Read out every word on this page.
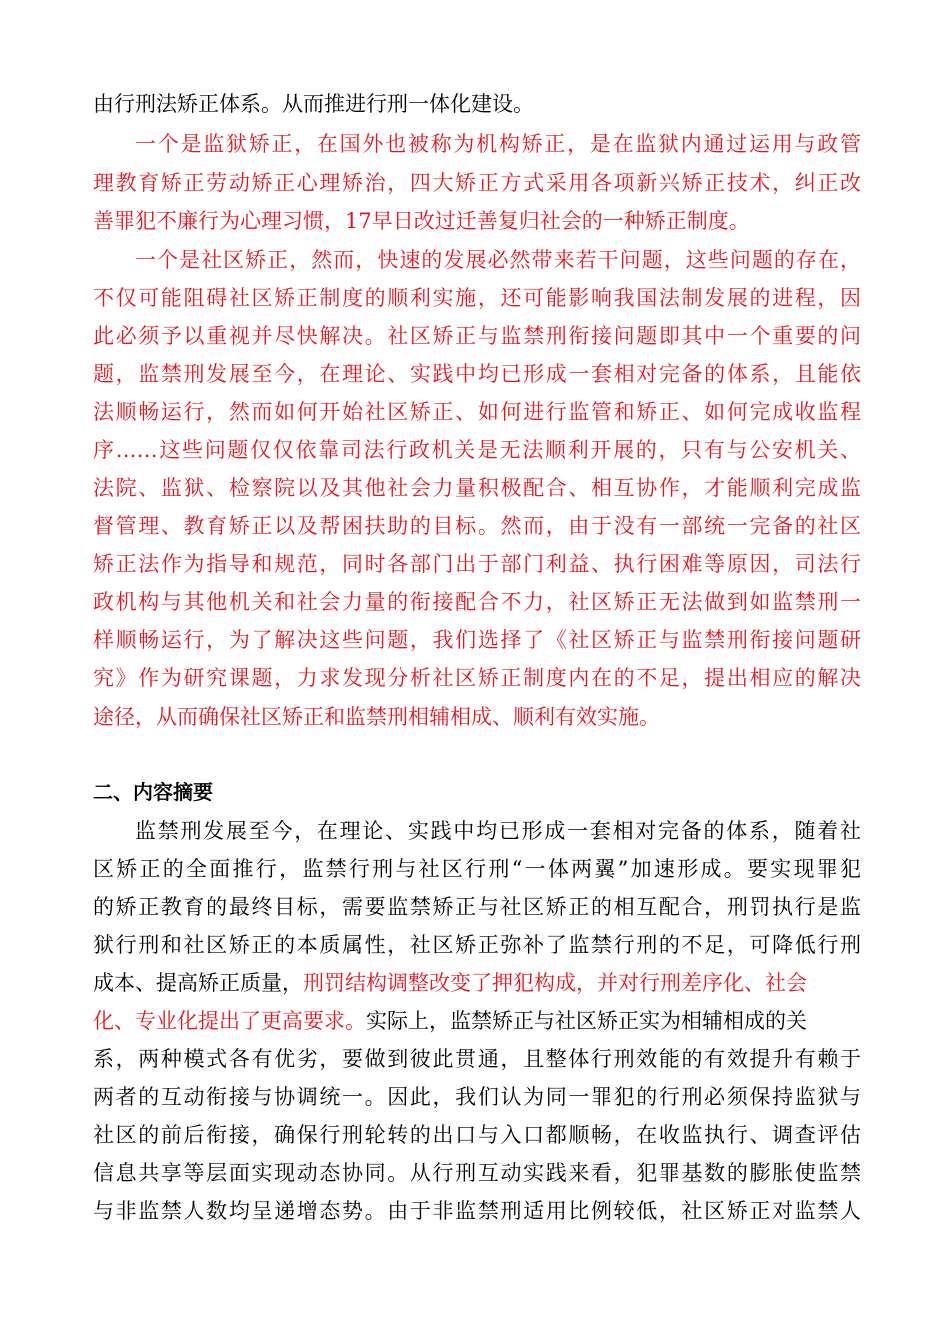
由行刑法矫正体系。从而推进行刑一体化建设。
一个是监狱矫正，在国外也被称为机构矫正，是在监狱内通过运用与政管
理教育矫正劳动矫正心理矫治，四大矫正方式采用各项新兴矫正技术，纠正改
善罪犯不廉行为心理习惯，17早日改过迁善复归社会的一种矫正制度。
一个是社区矫正，然而，快速的发展必然带来若干问题，这些问题的存在，
不仅可能阻碍社区矫正制度的顺利实施，还可能影响我国法制发展的进程，因
此必须予以重视并尽快解决。社区矫正与监禁刑衔接问题即其中一个重要的问
题，监禁刑发展至今，在理论、实践中均已形成一套相对完备的体系，且能依
法顺畅运行，然而如何开始社区矫正、如何进行监管和矫正、如何完成收监程
序……这些问题仅仅依靠司法行政机关是无法顺利开展的，只有与公安机关、
法院、监狱、检察院以及其他社会力量积极配合、相互协作，才能顺利完成监
督管理、教育矫正以及帮困扶助的目标。然而，由于没有一部统一完备的社区
矫正法作为指导和规范，同时各部门出于部门利益、执行困难等原因，司法行
政机构与其他机关和社会力量的衔接配合不力，社区矫正无法做到如监禁刑一
样顺畅运行，为了解决这些问题，我们选择了《社区矫正与监禁刑衔接问题研
究》作为研究课题，力求发现分析社区矫正制度内在的不足，提出相应的解决
途径，从而确保社区矫正和监禁刑相辅相成、顺利有效实施。
二、内容摘要
监禁刑发展至今，在理论、实践中均已形成一套相对完备的体系，随着社
区矫正的全面推行，监禁行刑与社区行刑“一体两翼”加速形成。要实现罪犯
的矫正教育的最终目标，需要监禁矫正与社区矫正的相互配合，刑罚执行是监
狱行刑和社区矫正的本质属性，社区矫正弥补了监禁行刑的不足，可降低行刑
成本、提高矫正质量，刑罚结构调整改变了押犯构成，并对行刑差序化、社会
化、专业化提出了更高要求。实际上，监禁矫正与社区矫正实为相辅相成的关
系，两种模式各有优劣，要做到彼此贯通，且整体行刑效能的有效提升有赖于
两者的互动衔接与协调统一。因此，我们认为同一罪犯的行刑必须保持监狱与
社区的前后衔接，确保行刑轮转的出口与入口都顺畅，在收监执行、调查评估
信息共享等层面实现动态协同。从行刑互动实践来看，犯罪基数的膨胀使监禁
与非监禁人数均呈递增态势。由于非监禁刑适用比例较低，社区矫正对监禁人
